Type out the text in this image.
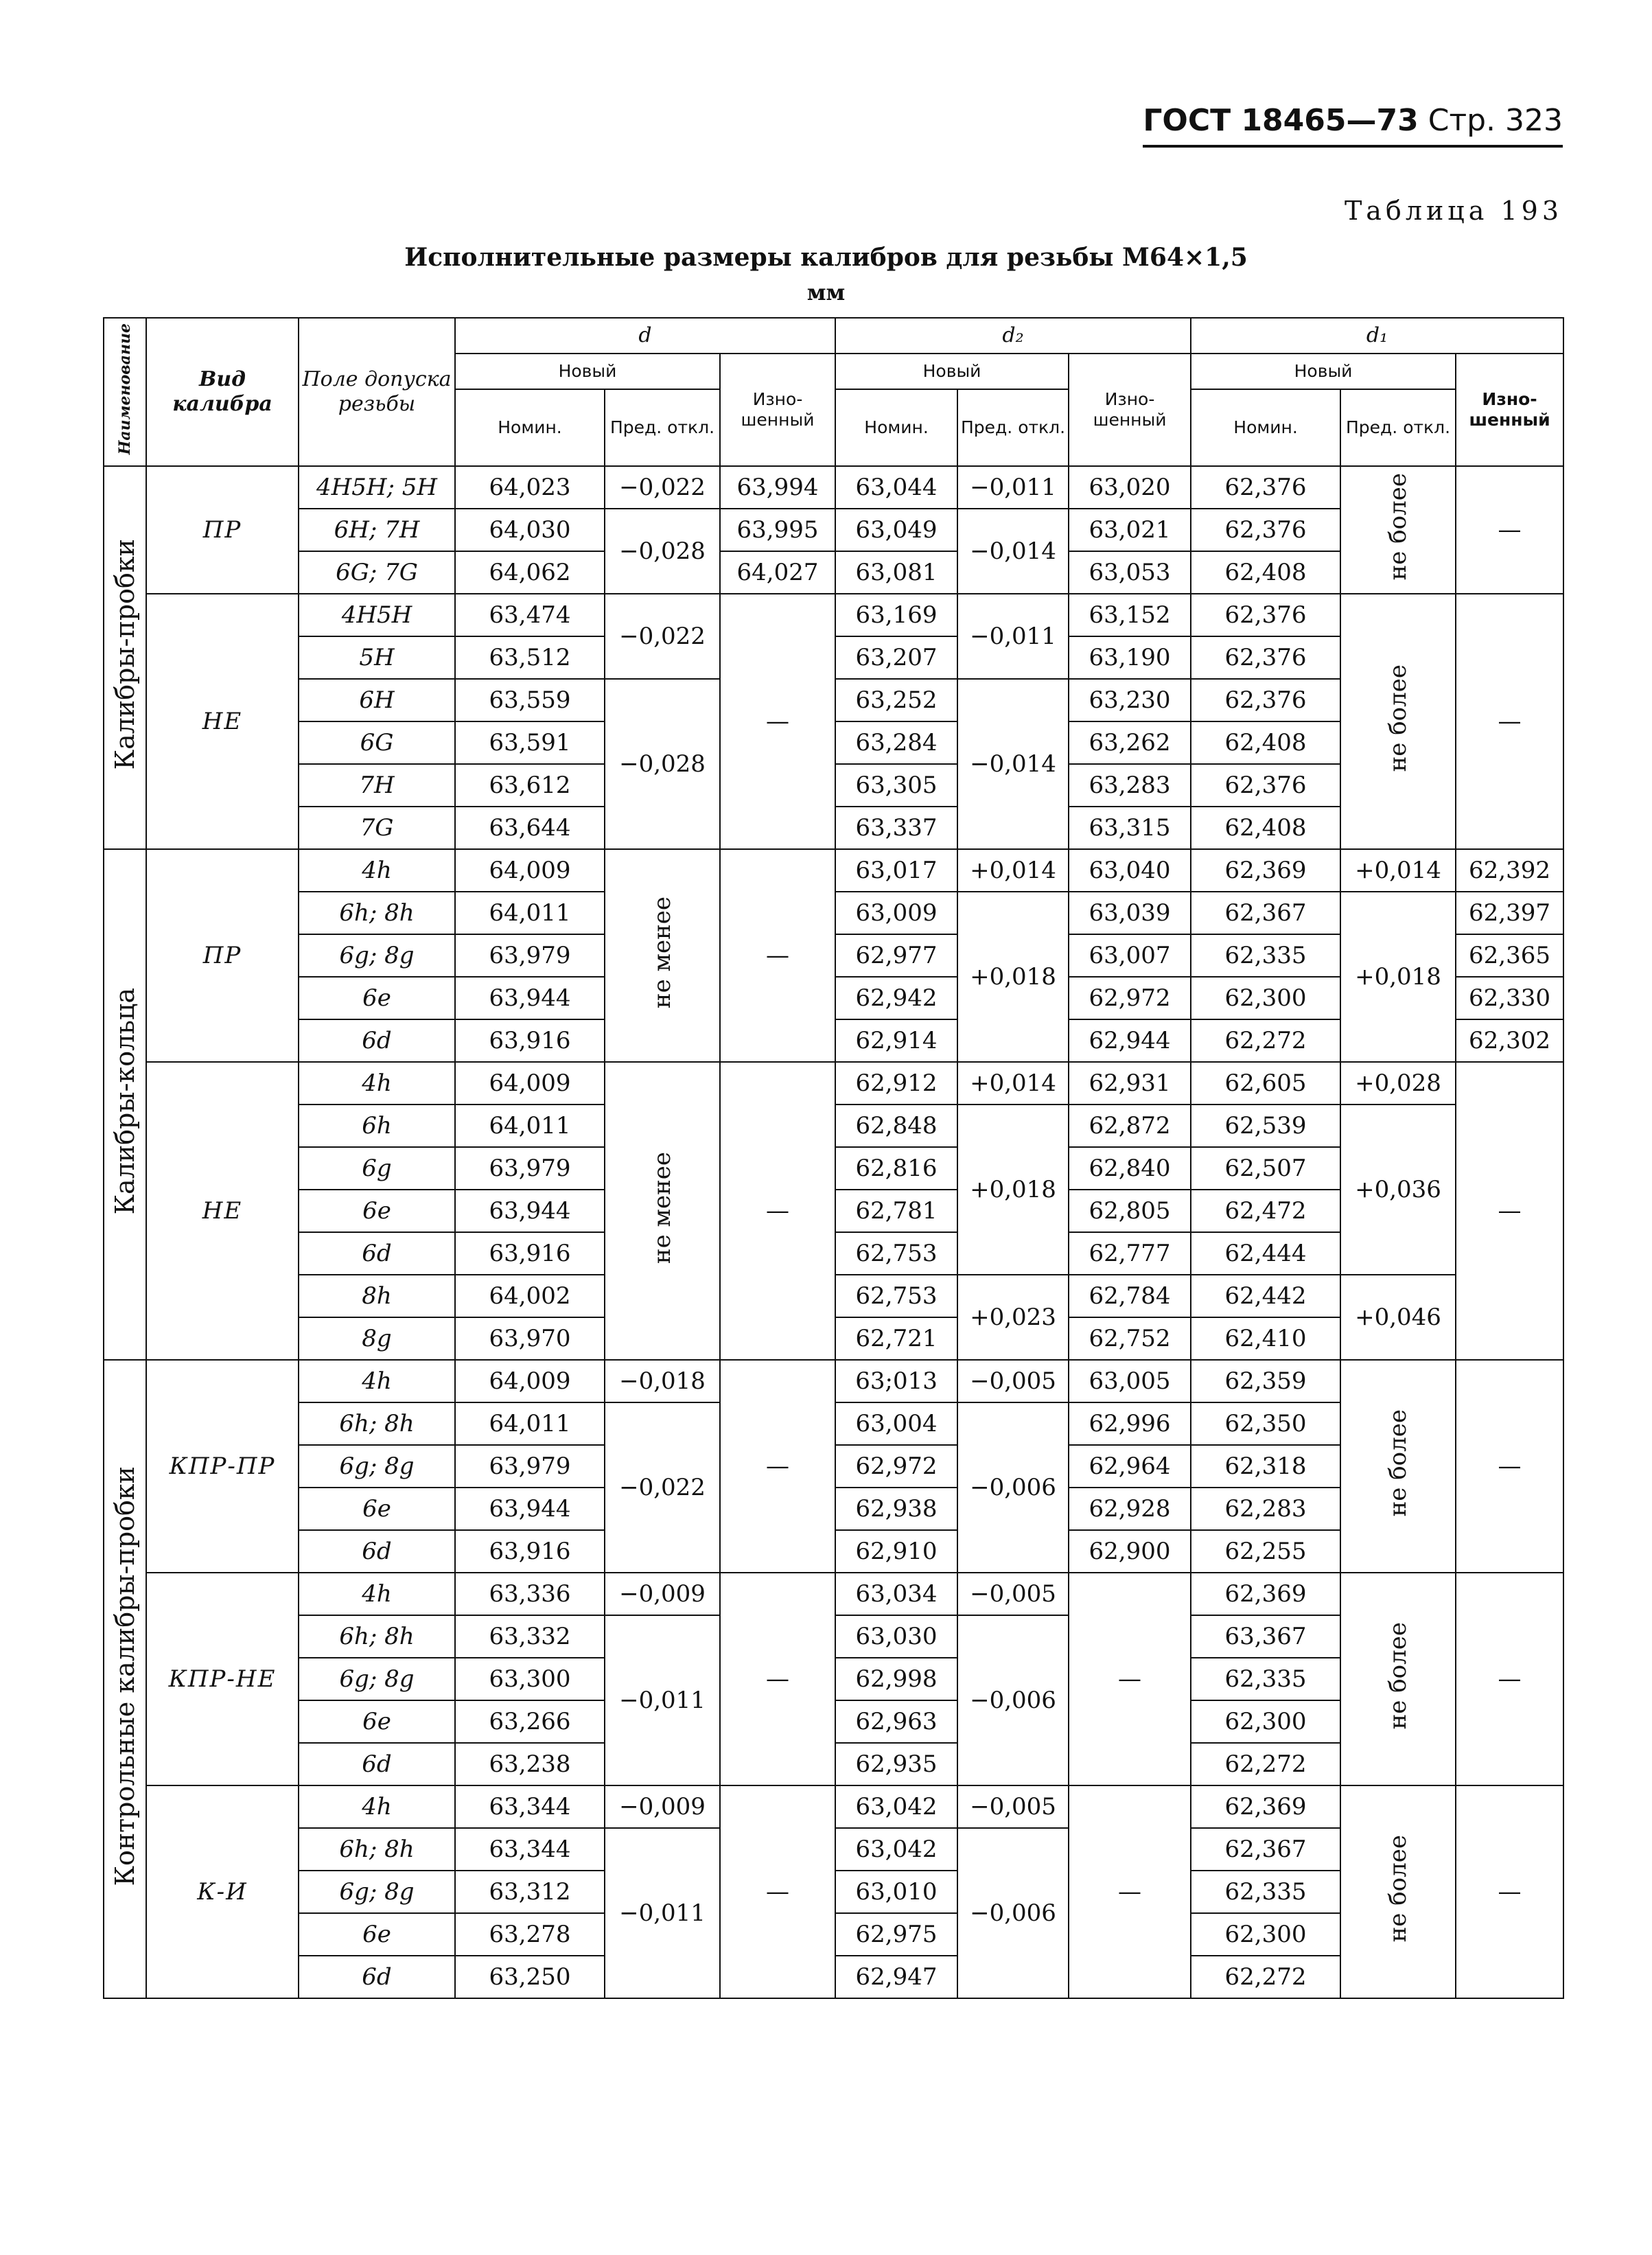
ГОСТ 18465—73 Стр. 323
Таблица 193
Исполнительные размеры калибров для резьбы М64×1,5
мм
Наименование	Вид калибра	Поле допуска резьбы	d			d₂			d₁		
			Новый		Изно-шенный	Новый		Изно-шенный	Новый		Изно-шенный
			Номин.	Пред. откл.		Номин.	Пред. откл.		Номин.	Пред. откл.	
Калибры-пробки	ПР	4H5H; 5H	64,023	−0,022	63,994	63,044	−0,011	63,020	62,376	не более	—
		6H; 7H	64,030	−0,028	63,995	63,049	−0,014	63,021	62,376		
		6G; 7G	64,062		64,027	63,081		63,053	62,408		
	НЕ	4H5H	63,474	−0,022	—	63,169	−0,011	63,152	62,376	не более	—
		5H	63,512			63,207		63,190	62,376		
		6H	63,559	−0,028		63,252	−0,014	63,230	62,376		
		6G	63,591			63,284		63,262	62,408		
		7H	63,612			63,305		63,283	62,376		
		7G	63,644			63,337		63,315	62,408		
Калибры-кольца	ПР	4h	64,009	не менее	—	63,017	+0,014	63,040	62,369	+0,014	62,392
		6h; 8h	64,011			63,009	+0,018	63,039	62,367	+0,018	62,397
		6g; 8g	63,979			62,977		63,007	62,335		62,365
		6e	63,944			62,942		62,972	62,300		62,330
		6d	63,916			62,914		62,944	62,272		62,302
	НЕ	4h	64,009	не менее	—	62,912	+0,014	62,931	62,605	+0,028	—
		6h	64,011			62,848	+0,018	62,872	62,539	+0,036	
		6g	63,979			62,816		62,840	62,507		
		6e	63,944			62,781		62,805	62,472		
		6d	63,916			62,753		62,777	62,444		
		8h	64,002			62,753	+0,023	62,784	62,442	+0,046	
		8g	63,970			62,721		62,752	62,410		
Контрольные калибры-пробки	КПР-ПР	4h	64,009	−0,018	—	63;013	−0,005	63,005	62,359	не более	—
		6h; 8h	64,011	−0,022		63,004	−0,006	62,996	62,350		
		6g; 8g	63,979			62,972		62,964	62,318		
		6e	63,944			62,938		62,928	62,283		
		6d	63,916			62,910		62,900	62,255		
	КПР-НЕ	4h	63,336	−0,009	—	63,034	−0,005	—	62,369	не более	—
		6h; 8h	63,332	−0,011		63,030	−0,006		63,367		
		6g; 8g	63,300			62,998			62,335		
		6e	63,266			62,963			62,300		
		6d	63,238			62,935			62,272		
	К-И	4h	63,344	−0,009	—	63,042	−0,005	—	62,369	не более	—
		6h; 8h	63,344	−0,011		63,042	−0,006		62,367		
		6g; 8g	63,312			63,010			62,335		
		6e	63,278			62,975			62,300		
		6d	63,250			62,947			62,272		
